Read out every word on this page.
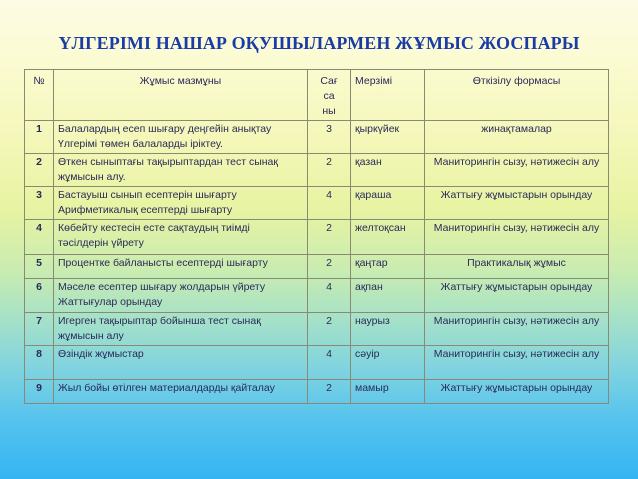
ҮЛГЕРІМІ НАШАР ОҚУШЫЛАРМЕН ЖҰМЫС ЖОСПАРЫ
№	Жұмыс мазмұны	Сағ са ны	Мерзімі	Өткізілу формасы
1	Балалардың есеп шығару деңгейін анықтау Үлгерімі төмен балаларды іріктеу.	3	қыркүйек	жинақтамалар
2	Өткен сыныптағы тақырыптардан тест сынақ жұмысын алу.	2	қазан	Маниторингін сызу, нәтижесін алу
3	Бастауыш сынып есептерін шығарту Арифметикалық есептерді шығарту	4	қараша	Жаттығу жұмыстарын орындау
4	Көбейту кестесін есте сақтаудың тиімді тәсілдерін үйрету	2	желтоқсан	Маниторингін сызу, нәтижесін алу
5	Процентке байланысты есептерді шығарту	2	қаңтар	Практикалық жұмыс
6	Мәселе есептер шығару жолдарын үйрету Жаттығулар орындау	4	ақпан	Жаттығу жұмыстарын орындау
7	Игерген тақырыптар бойынша тест сынақ жұмысын алу	2	наурыз	Маниторингін сызу, нәтижесін алу
8	Өзіндік жұмыстар	4	сәуір	Маниторингін сызу, нәтижесін алу
9	Жыл бойы өтілген материалдарды қайталау	2	мамыр	Жаттығу жұмыстарын орындау
